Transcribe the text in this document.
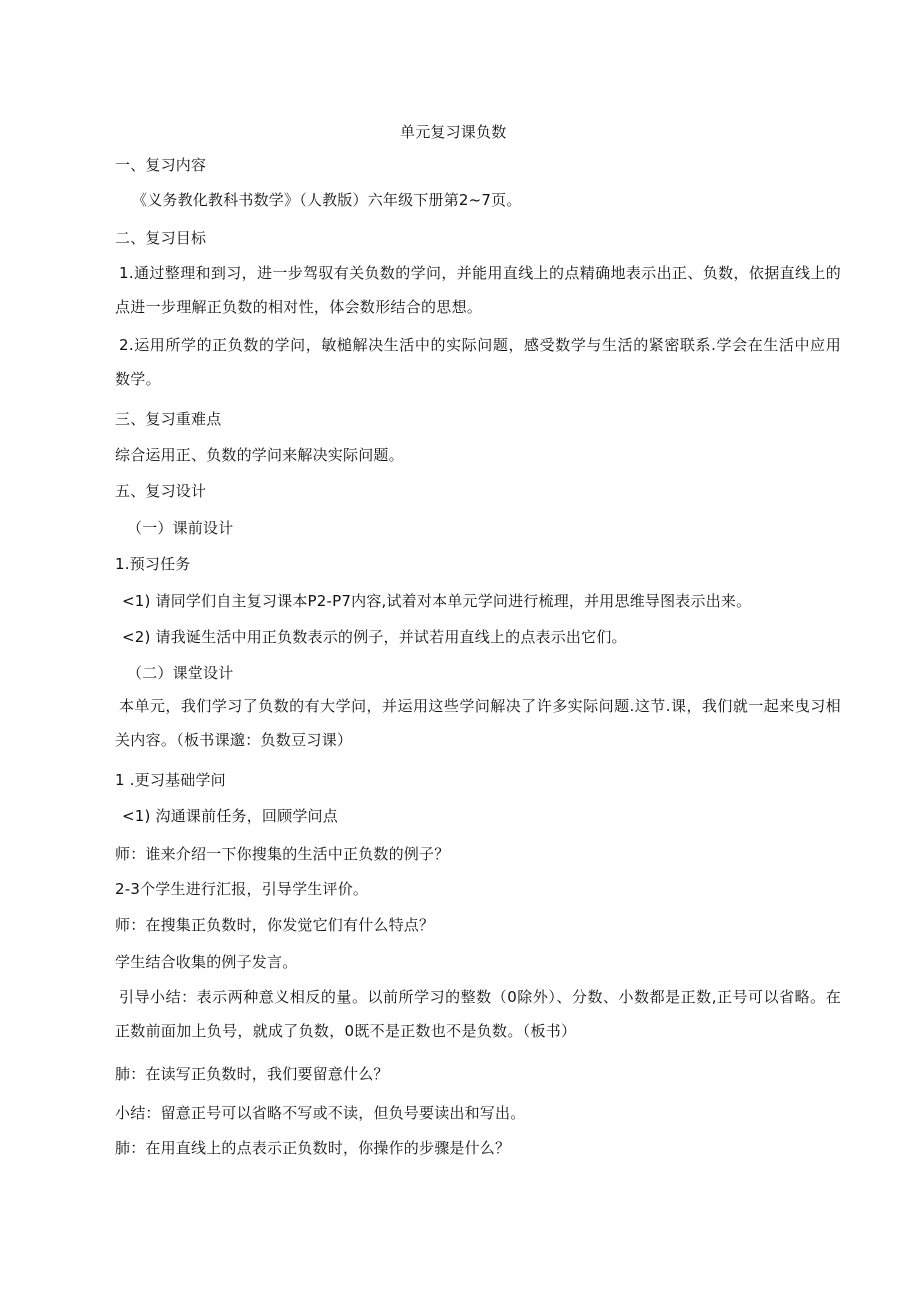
单元复习课负数
一、复习内容
《义务教化教科书数学》（人教版）六年级下册第2~7页。
二、复习目标
1.通过整理和到习，进一步驾驭有关负数的学问，并能用直线上的点精确地表示出正、负数，依据直线上的点进一步理解正负数的相对性，体会数形结合的思想。
2.运用所学的正负数的学问，敏槌解决生活中的实际问题，感受数学与生活的紧密联系.学会在生活中应用数学。
三、复习重难点
综合运用正、负数的学问来解决实际问题。
五、复习设计
（一）课前设计
1.预习任务
<1) 请同学们自主复习课本P2-P7内容,试着对本单元学问进行梳理，并用思维导图表示出来。
<2) 请我诞生活中用正负数表示的例子，并试若用直线上的点表示出它们。
（二）课堂设计
本单元，我们学习了负数的有大学问，并运用这些学问解决了许多实际问题.这节.课，我们就一起来曳习相关内容。（板书课邈：负数豆习课）
1 .更习基础学问
<1) 沟通课前任务，回顾学问点
师：谁来介绍一下你搜集的生活中正负数的例子？
2-3个学生进行汇报，引导学生评价。
师：在搜集正负数时，你发觉它们有什么特点？
学生结合收集的例子发言。
引导小结：表示两种意义相反的量。以前所学习的整数（0除外）、分数、小数都是正数,正号可以省略。在正数前面加上负号，就成了负数，0既不是正数也不是负数。（板书）
肺：在读写正负数时，我们要留意什么？
小结：留意正号可以省略不写或不读，但负号要读出和写出。
肺：在用直线上的点表示正负数时，你操作的步骤是什么？
